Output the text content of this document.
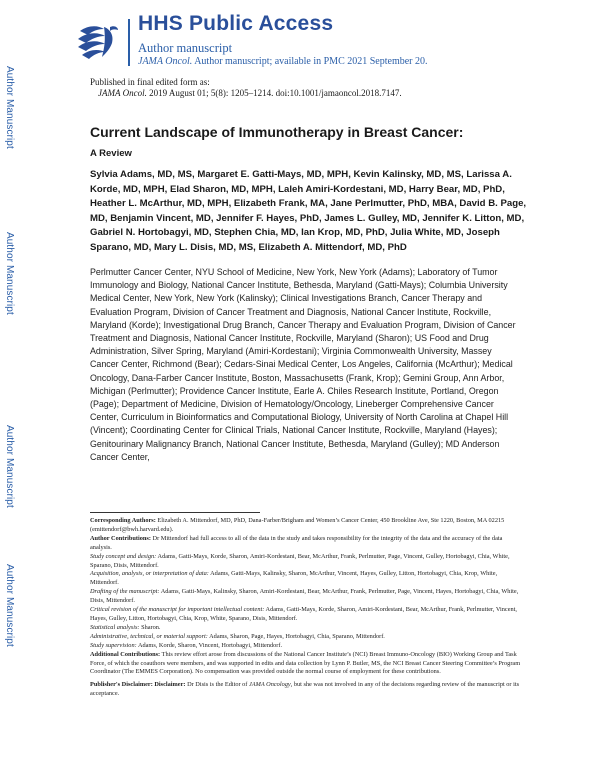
Author Manuscript
Author Manuscript
Author Manuscript
Author Manuscript
HHS Public Access
Author manuscript
JAMA Oncol. Author manuscript; available in PMC 2021 September 20.
Published in final edited form as:
JAMA Oncol. 2019 August 01; 5(8): 1205–1214. doi:10.1001/jamaoncol.2018.7147.
Current Landscape of Immunotherapy in Breast Cancer:
A Review
Sylvia Adams, MD, MS, Margaret E. Gatti-Mays, MD, MPH, Kevin Kalinsky, MD, MS, Larissa A. Korde, MD, MPH, Elad Sharon, MD, MPH, Laleh Amiri-Kordestani, MD, Harry Bear, MD, PhD, Heather L. McArthur, MD, MPH, Elizabeth Frank, MA, Jane Perlmutter, PhD, MBA, David B. Page, MD, Benjamin Vincent, MD, Jennifer F. Hayes, PhD, James L. Gulley, MD, Jennifer K. Litton, MD, Gabriel N. Hortobagyi, MD, Stephen Chia, MD, Ian Krop, MD, PhD, Julia White, MD, Joseph Sparano, MD, Mary L. Disis, MD, MS, Elizabeth A. Mittendorf, MD, PhD
Perlmutter Cancer Center, NYU School of Medicine, New York, New York (Adams); Laboratory of Tumor Immunology and Biology, National Cancer Institute, Bethesda, Maryland (Gatti-Mays); Columbia University Medical Center, New York, New York (Kalinsky); Clinical Investigations Branch, Cancer Therapy and Evaluation Program, Division of Cancer Treatment and Diagnosis, National Cancer Institute, Rockville, Maryland (Korde); Investigational Drug Branch, Cancer Therapy and Evaluation Program, Division of Cancer Treatment and Diagnosis, National Cancer Institute, Rockville, Maryland (Sharon); US Food and Drug Administration, Silver Spring, Maryland (Amiri-Kordestani); Virginia Commonwealth University, Massey Cancer Center, Richmond (Bear); Cedars-Sinai Medical Center, Los Angeles, California (McArthur); Medical Oncology, Dana-Farber Cancer Institute, Boston, Massachusetts (Frank, Krop); Gemini Group, Ann Arbor, Michigan (Perlmutter); Providence Cancer Institute, Earle A. Chiles Research Institute, Portland, Oregon (Page); Department of Medicine, Division of Hematology/Oncology, Lineberger Comprehensive Cancer Center, Curriculum in Bioinformatics and Computational Biology, University of North Carolina at Chapel Hill (Vincent); Coordinating Center for Clinical Trials, National Cancer Institute, Rockville, Maryland (Hayes); Genitourinary Malignancy Branch, National Cancer Institute, Bethesda, Maryland (Gulley); MD Anderson Cancer Center,

Corresponding Authors: Elizabeth A. Mittendorf, MD, PhD, Dana-Farber/Brigham and Women’s Cancer Center, 450 Brookline Ave, Ste 1220, Boston, MA 02215 (emittendorf@bwh.harvard.edu).

Author Contributions: Dr Mittendorf had full access to all of the data in the study and takes responsibility for the integrity of the data and the accuracy of the data analysis.

Study concept and design: Adams, Gatti-Mays, Korde, Sharon, Amiri-Kordestani, Bear, McArthur, Frank, Perlmutter, Page, Vincent, Gulley, Hortobagyi, Chia, White, Sparano, Disis, Mittendorf.

Acquisition, analysis, or interpretation of data: Adams, Gatti-Mays, Kalinsky, Sharon, McArthur, Vincent, Hayes, Gulley, Litton, Hortobagyi, Chia, Krop, White, Mittendorf.

Drafting of the manuscript: Adams, Gatti-Mays, Kalinsky, Sharon, Amiri-Kordestani, Bear, McArthur, Frank, Perlmutter, Page, Vincent, Hayes, Hortobagyi, Chia, White, Disis, Mittendorf.

Critical revision of the manuscript for important intellectual content: Adams, Gatti-Mays, Korde, Sharon, Amiri-Kordestani, Bear, McArthur, Frank, Perlmutter, Vincent, Hayes, Gulley, Litton, Hortobagyi, Chia, Krop, White, Sparano, Disis, Mittendorf.

Statistical analysis: Sharon.

Administrative, technical, or material support: Adams, Sharon, Page, Hayes, Hortobagyi, Chia, Sparano, Mittendorf.

Study supervision: Adams, Korde, Sharon, Vincent, Hortobagyi, Mittendorf.

Additional Contributions: This review effort arose from discussions of the National Cancer Institute’s (NCI) Breast Immuno-Oncology (BIO) Working Group and Task Force, of which the coauthors were members, and was supported in edits and data collection by Lynn P. Butler, MS, the NCI Breast Cancer Steering Committee’s Program Coordinator (The EMMES Corporation). No compensation was provided outside the normal course of employment for these contributions.

Publisher's Disclaimer: Disclaimer: Dr Disis is the Editor of JAMA Oncology, but she was not involved in any of the decisions regarding review of the manuscript or its acceptance.
